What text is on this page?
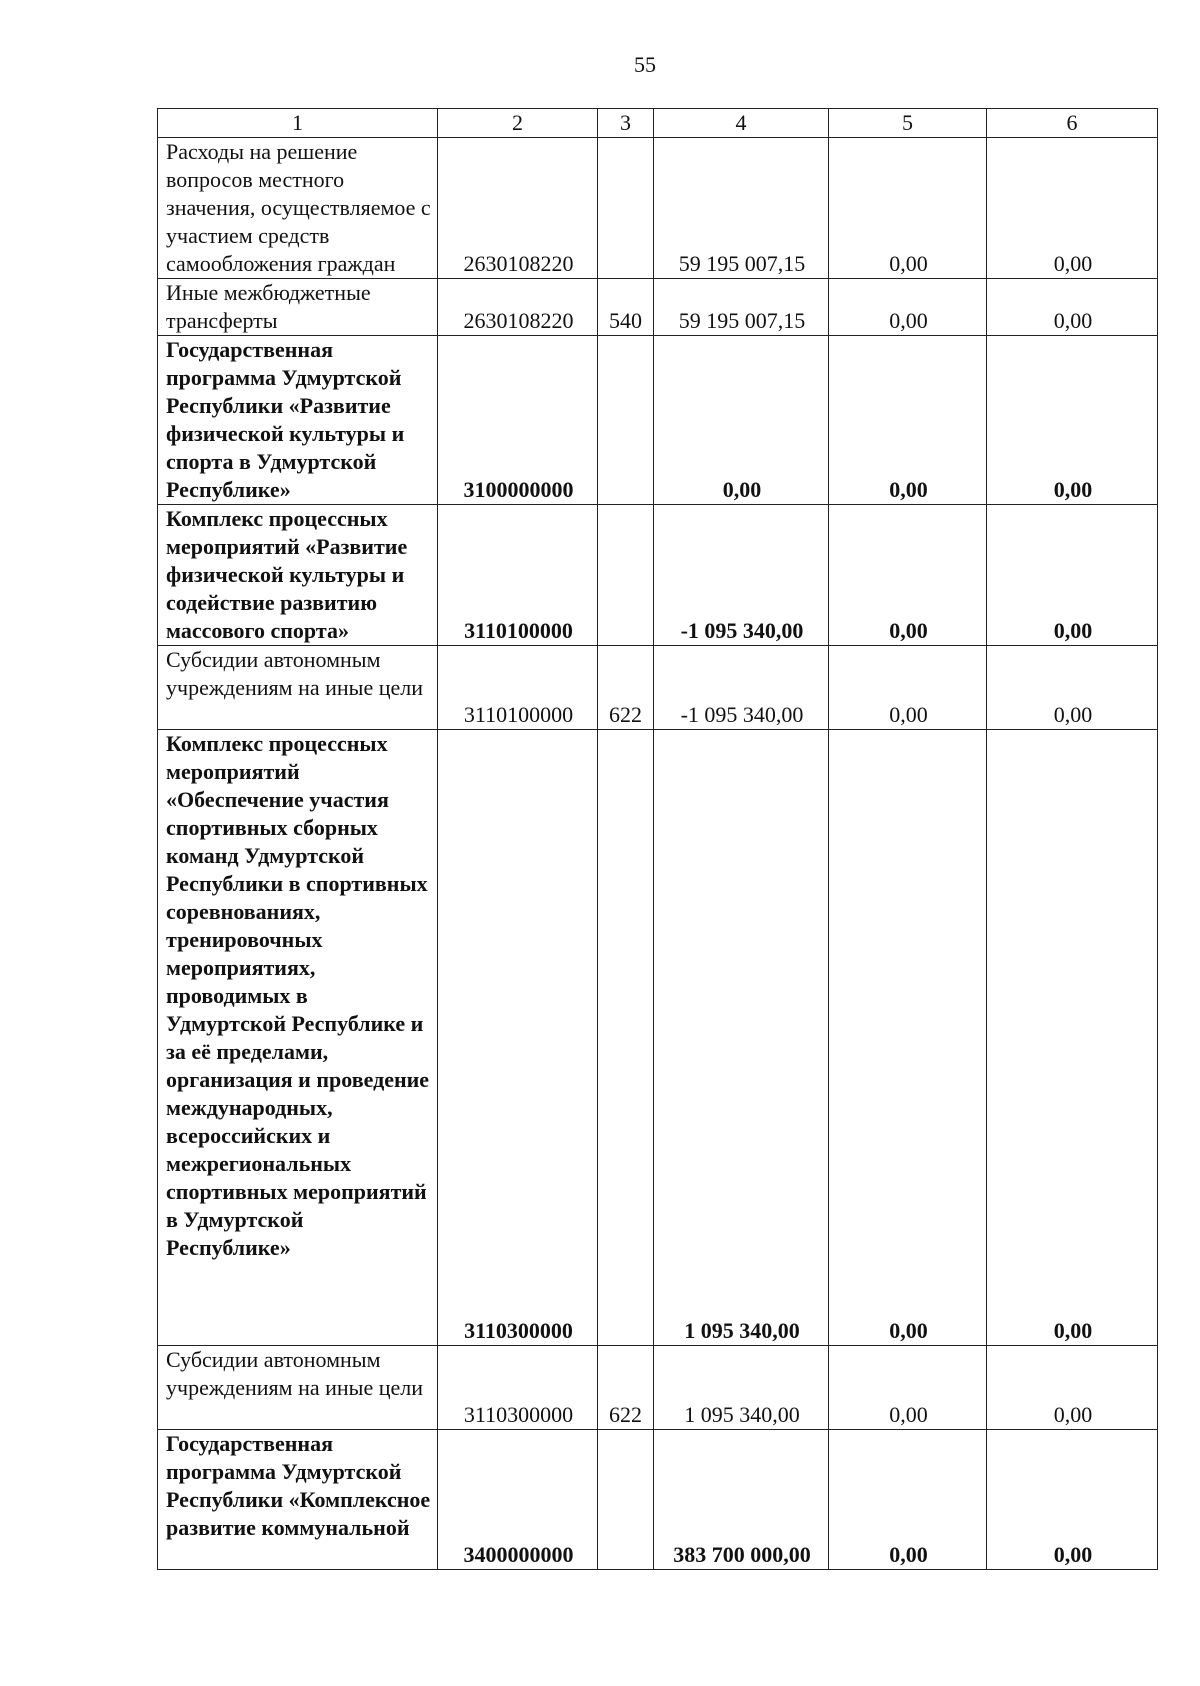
55
1	2	3	4	5	6
Расходы на решение вопросов местного значения, осуществляемое с участием средств самообложения граждан	2630108220		59 195 007,15	0,00	0,00
Иные межбюджетные трансферты	2630108220	540	59 195 007,15	0,00	0,00
Государственная программа Удмуртской Республики «Развитие физической культуры и спорта в Удмуртской Республике»	3100000000		0,00	0,00	0,00
Комплекс процессных мероприятий «Развитие физической культуры и содействие развитию массового спорта»	3110100000		-1 095 340,00	0,00	0,00
Субсидии автономным учреждениям на иные цели	3110100000	622	-1 095 340,00	0,00	0,00
Комплекс процессных мероприятий «Обеспечение участия спортивных сборных команд Удмуртской Республики в спортивных соревнованиях, тренировочных мероприятиях, проводимых в Удмуртской Республике и за её пределами, организация и проведение международных, всероссийских и межрегиональных спортивных мероприятий в Удмуртской Республике»	3110300000		1 095 340,00	0,00	0,00
Субсидии автономным учреждениям на иные цели	3110300000	622	1 095 340,00	0,00	0,00
Государственная программа Удмуртской Республики «Комплексное развитие коммунальной	3400000000		383 700 000,00	0,00	0,00
